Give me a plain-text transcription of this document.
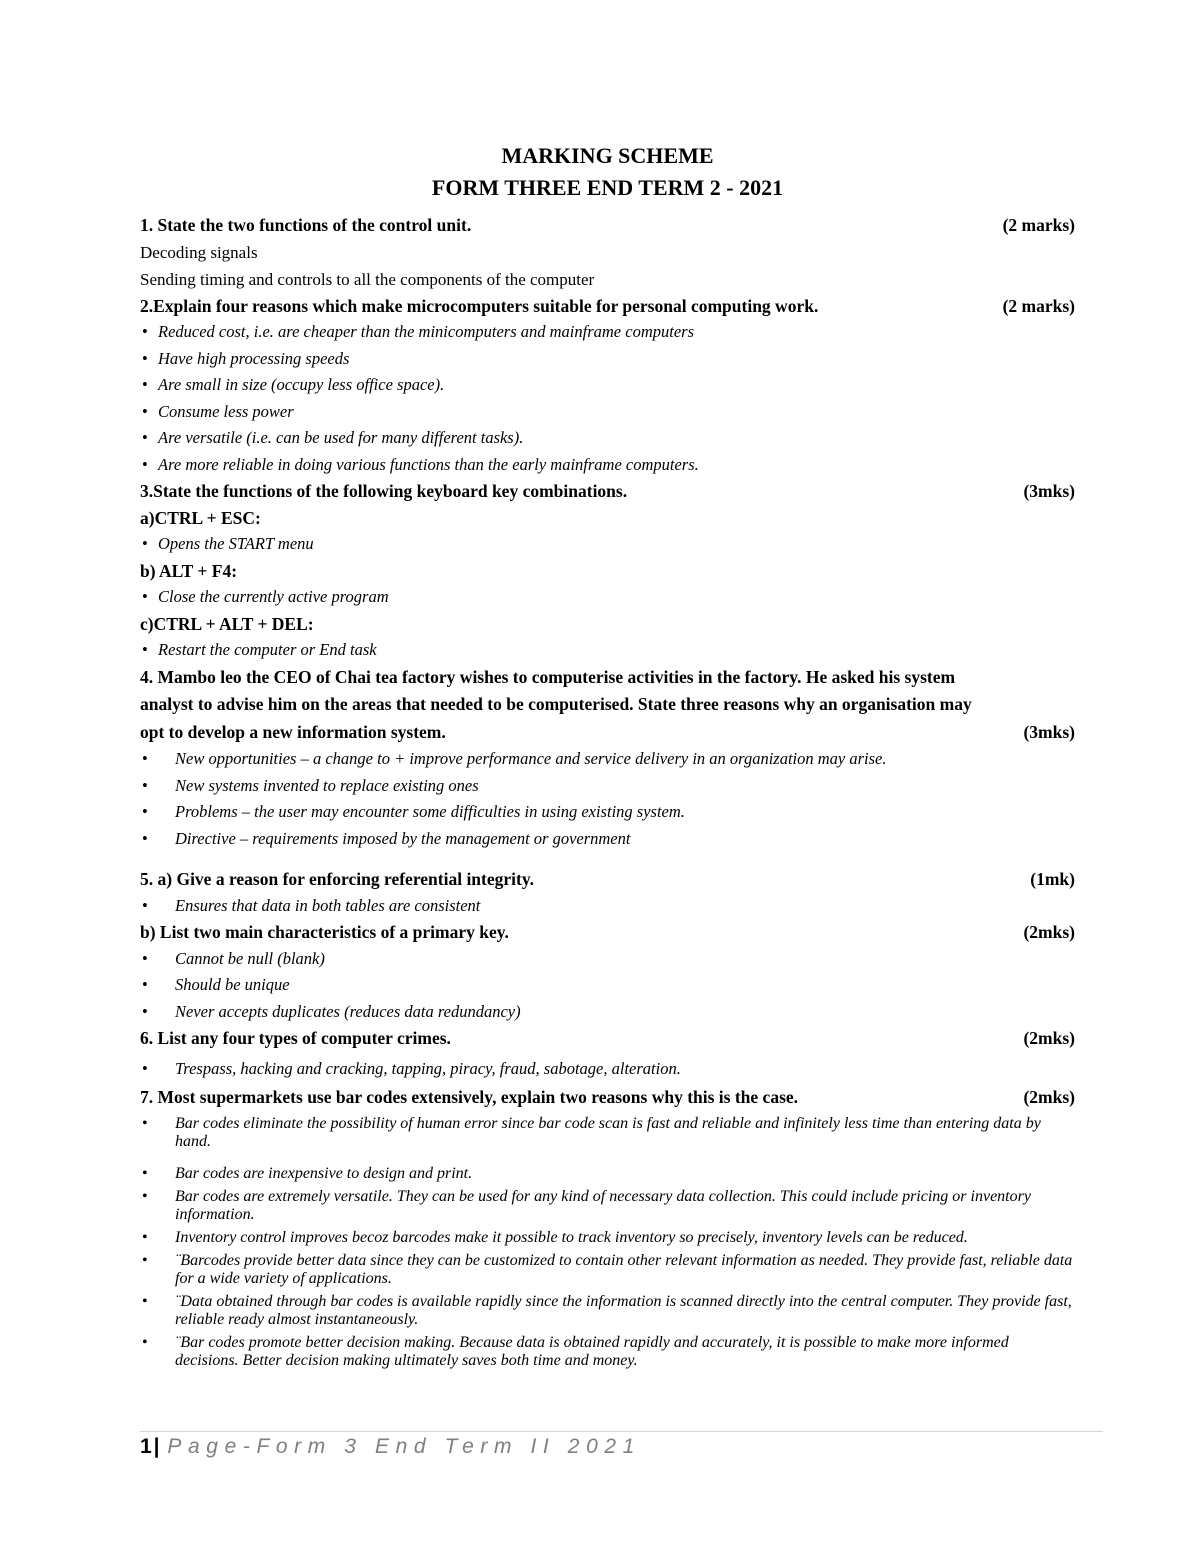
MARKING SCHEME
FORM THREE END TERM 2 - 2021
1. State the two functions of the control unit.	(2 marks)
Decoding signals
Sending timing and controls to all the components of the computer
2.Explain four reasons which make microcomputers suitable for personal computing work.	(2 marks)
• Reduced cost, i.e. are cheaper than the minicomputers and mainframe computers
• Have high processing speeds
• Are small in size (occupy less office space).
• Consume less power
• Are versatile (i.e. can be used for many different tasks).
• Are more reliable in doing various functions than the early mainframe computers.
3.State the functions of the following keyboard key combinations.	(3mks)
a)CTRL + ESC:
• Opens the START menu
b) ALT + F4:
• Close the currently active program
c)CTRL + ALT + DEL:
• Restart the computer or End task
4. Mambo leo the CEO of Chai tea factory wishes to computerise activities in the factory. He asked his system
analyst to advise him on the areas that needed to be computerised. State three reasons why an organisation may
opt to develop a new information system.	(3mks)
• New opportunities – a change to + improve performance and service delivery in an organization may arise.
• New systems invented to replace existing ones
• Problems – the user may encounter some difficulties in using existing system.
• Directive – requirements imposed by the management or government
5. a) Give a reason for enforcing referential integrity.	(1mk)
• Ensures that data in both tables are consistent
b) List two main characteristics of a primary key.	(2mks)
• Cannot be null (blank)
• Should be unique
• Never accepts duplicates (reduces data redundancy)
6. List any four types of computer crimes.	(2mks)
• Trespass, hacking and cracking, tapping, piracy, fraud, sabotage, alteration.
7. Most supermarkets use bar codes extensively, explain two reasons why this is the case.	(2mks)
• Bar codes eliminate the possibility of human error since bar code scan is fast and reliable and infinitely less time than entering data by hand.
• Bar codes are inexpensive to design and print.
• Bar codes are extremely versatile. They can be used for any kind of necessary data collection. This could include pricing or inventory information.
• Inventory control improves becoz barcodes make it possible to track inventory so precisely, inventory levels can be reduced.
• ¨Barcodes provide better data since they can be customized to contain other relevant information as needed. They provide fast, reliable data for a wide variety of applications.
• ¨Data obtained through bar codes is available rapidly since the information is scanned directly into the central computer. They provide fast, reliable ready almost instantaneously.
• ¨Bar codes promote better decision making. Because data is obtained rapidly and accurately, it is possible to make more informed decisions. Better decision making ultimately saves both time and money.
1| Page-Form 3 End Term II 2021
